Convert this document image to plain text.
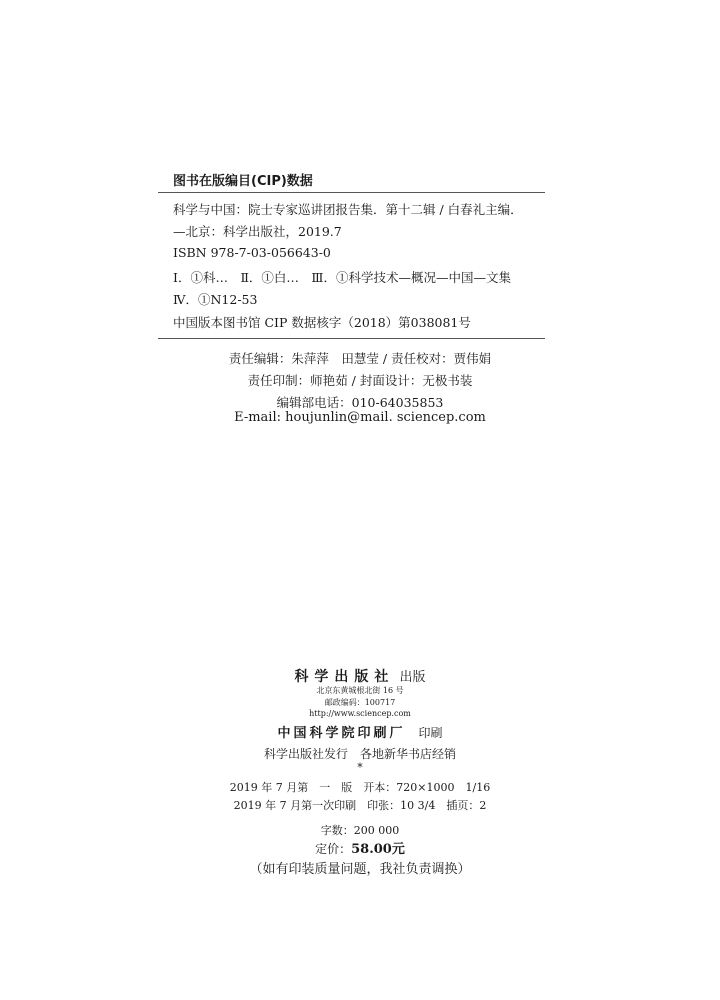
图书在版编目(CIP)数据
科学与中国：院士专家巡讲团报告集．第十二辑 / 白春礼主编．
—北京：科学出版社，2019.7
ISBN 978-7-03-056643-0
Ⅰ．①科…　Ⅱ．①白…　Ⅲ．①科学技术—概况—中国—文集
Ⅳ．①N12-53
中国版本图书馆 CIP 数据核字（2018）第038081号
责任编辑：朱萍萍　田慧莹 / 责任校对：贾伟娟
责任印制：师艳茹 / 封面设计：无极书装
编辑部电话：010-64035853
E-mail: houjunlin@mail. sciencep.com
科学出版社 出版
北京东黄城根北街 16 号
邮政编码：100717
http://www.sciencep.com
中国科学院印刷厂 印刷
科学出版社发行　各地新华书店经销
*
2019 年 7 月第　一　版　开本：720×1000　1/16
2019 年 7 月第一次印刷　印张：10 3/4　插页：2
字数：200 000
定价：58.00元
（如有印装质量问题，我社负责调换）
